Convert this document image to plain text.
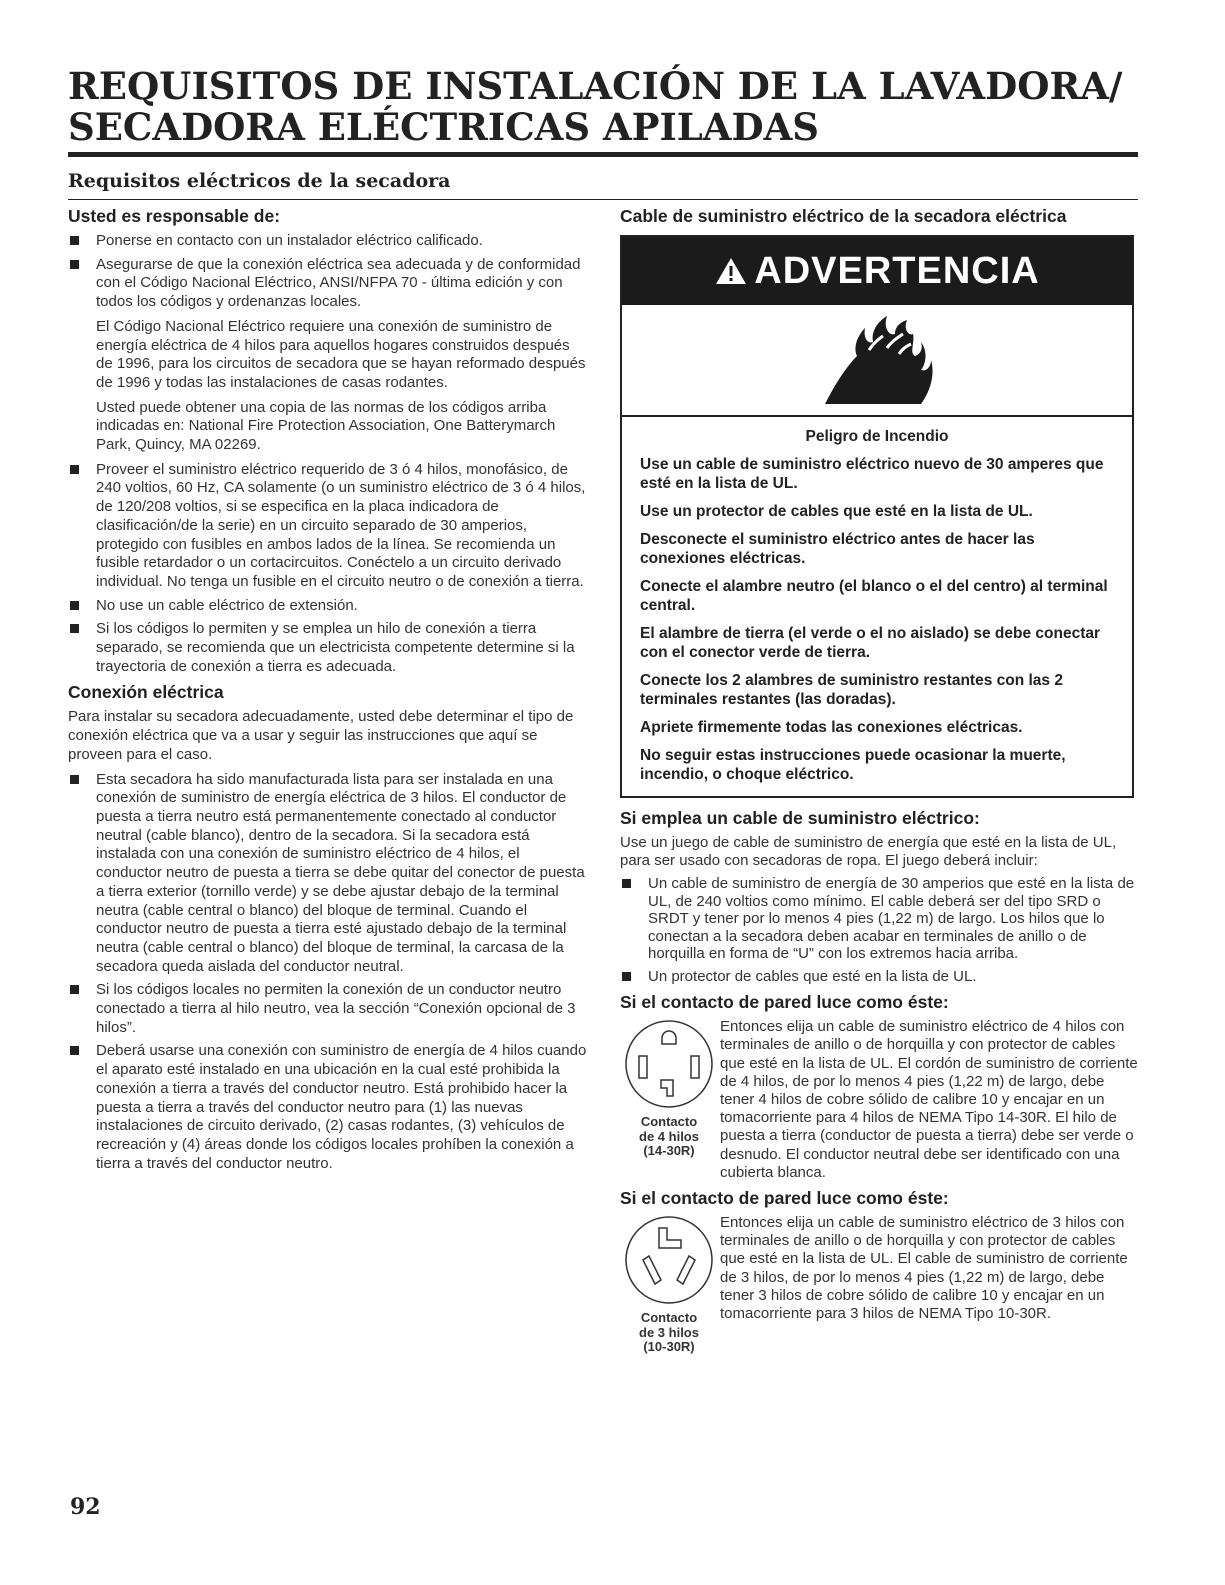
REQUISITOS DE INSTALACIÓN DE LA LAVADORA/ SECADORA ELÉCTRICAS APILADAS
Requisitos eléctricos de la secadora
Usted es responsable de:
Ponerse en contacto con un instalador eléctrico calificado.
Asegurarse de que la conexión eléctrica sea adecuada y de conformidad con el Código Nacional Eléctrico, ANSI/NFPA 70 - última edición y con todos los códigos y ordenanzas locales.

El Código Nacional Eléctrico requiere una conexión de suministro de energía eléctrica de 4 hilos para aquellos hogares construidos después de 1996, para los circuitos de secadora que se hayan reformado después de 1996 y todas las instalaciones de casas rodantes.

Usted puede obtener una copia de las normas de los códigos arriba indicadas en: National Fire Protection Association, One Batterymarch Park, Quincy, MA 02269.

Proveer el suministro eléctrico requerido de 3 ó 4 hilos, monofásico, de 240 voltios, 60 Hz, CA solamente (o un suministro eléctrico de 3 ó 4 hilos, de 120/208 voltios, si se especifica en la placa indicadora de clasificación/de la serie) en un circuito separado de 30 amperios, protegido con fusibles en ambos lados de la línea. Se recomienda un fusible retardador o un cortacircuitos. Conéctelo a un circuito derivado individual. No tenga un fusible en el circuito neutro o de conexión a tierra.
No use un cable eléctrico de extensión.
Si los códigos lo permiten y se emplea un hilo de conexión a tierra separado, se recomienda que un electricista competente determine si la trayectoria de conexión a tierra es adecuada.
Conexión eléctrica

Para instalar su secadora adecuadamente, usted debe determinar el tipo de conexión eléctrica que va a usar y seguir las instrucciones que aquí se proveen para el caso.

Esta secadora ha sido manufacturada lista para ser instalada en una conexión de suministro de energía eléctrica de 3 hilos. El conductor de puesta a tierra neutro está permanentemente conectado al conductor neutral (cable blanco), dentro de la secadora. Si la secadora está instalada con una conexión de suministro eléctrico de 4 hilos, el conductor neutro de puesta a tierra se debe quitar del conector de puesta a tierra exterior (tornillo verde) y se debe ajustar debajo de la terminal neutra (cable central o blanco) del bloque de terminal. Cuando el conductor neutro de puesta a tierra esté ajustado debajo de la terminal neutra (cable central o blanco) del bloque de terminal, la carcasa de la secadora queda aislada del conductor neutral.
Si los códigos locales no permiten la conexión de un conductor neutro conectado a tierra al hilo neutro, vea la sección “Conexión opcional de 3 hilos”.
Deberá usarse una conexión con suministro de energía de 4 hilos cuando el aparato esté instalado en una ubicación en la cual esté prohibida la conexión a tierra a través del conductor neutro. Está prohibido hacer la puesta a tierra a través del conductor neutro para (1) las nuevas instalaciones de circuito derivado, (2) casas rodantes, (3) vehículos de recreación y (4) áreas donde los códigos locales prohíben la conexión a tierra a través del conductor neutro.
Cable de suministro eléctrico de la secadora eléctrica
ADVERTENCIA

Peligro de Incendio

Use un cable de suministro eléctrico nuevo de 30 amperes que esté en la lista de UL.

Use un protector de cables que esté en la lista de UL.

Desconecte el suministro eléctrico antes de hacer las conexiones eléctricas.

Conecte el alambre neutro (el blanco o el del centro) al terminal central.

El alambre de tierra (el verde o el no aislado) se debe conectar con el conector verde de tierra.

Conecte los 2 alambres de suministro restantes con las 2 terminales restantes (las doradas).

Apriete firmemente todas las conexiones eléctricas.

No seguir estas instrucciones puede ocasionar la muerte, incendio, o choque eléctrico.

Si emplea un cable de suministro eléctrico:

Use un juego de cable de suministro de energía que esté en la lista de UL, para ser usado con secadoras de ropa. El juego deberá incluir:

Un cable de suministro de energía de 30 amperios que esté en la lista de UL, de 240 voltios como mínimo. El cable deberá ser del tipo SRD o SRDT y tener por lo menos 4 pies (1,22 m) de largo. Los hilos que lo conectan a la secadora deben acabar en terminales de anillo o de horquilla en forma de “U” con los extremos hacia arriba.
Un protector de cables que esté en la lista de UL.
Si el contacto de pared luce como éste:
Contacto
de 4 hilos
(14-30R)

Entonces elija un cable de suministro eléctrico de 4 hilos con terminales de anillo o de horquilla y con protector de cables que esté en la lista de UL. El cordón de suministro de corriente de 4 hilos, de por lo menos 4 pies (1,22 m) de largo, debe tener 4 hilos de cobre sólido de calibre 10 y encajar en un tomacorriente para 4 hilos de NEMA Tipo 14-30R. El hilo de puesta a tierra (conductor de puesta a tierra) debe ser verde o desnudo. El conductor neutral debe ser identificado con una cubierta blanca.

Si el contacto de pared luce como éste:
Contacto
de 3 hilos
(10-30R)

Entonces elija un cable de suministro eléctrico de 3 hilos con terminales de anillo o de horquilla y con protector de cables que esté en la lista de UL. El cable de suministro de corriente de 3 hilos, de por lo menos 4 pies (1,22 m) de largo, debe tener 3 hilos de cobre sólido de calibre 10 y encajar en un tomacorriente para 3 hilos de NEMA Tipo 10-30R.

92
